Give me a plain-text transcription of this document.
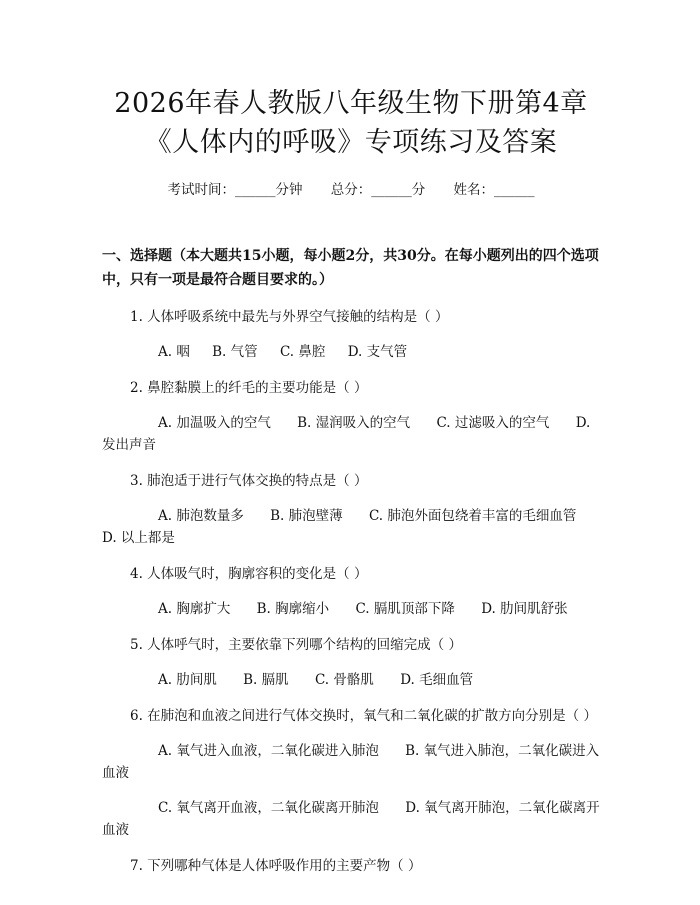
2026年春人教版八年级生物下册第4章《人体内的呼吸》专项练习及答案
考试时间：______分钟 总分：______分 姓名：______
一、选择题（本大题共15小题，每小题2分，共30分。在每小题列出的四个选项中，只有一项是最符合题目要求的。）
1. 人体呼吸系统中最先与外界空气接触的结构是（ ）
A. 咽 B. 气管 C. 鼻腔 D. 支气管
2. 鼻腔黏膜上的纤毛的主要功能是（ ）
A. 加温吸入的空气 B. 湿润吸入的空气 C. 过滤吸入的空气 D. 发出声音
3. 肺泡适于进行气体交换的特点是（ ）
A. 肺泡数量多 B. 肺泡壁薄 C. 肺泡外面包绕着丰富的毛细血管 D. 以上都是
4. 人体吸气时，胸廓容积的变化是（ ）
A. 胸廓扩大 B. 胸廓缩小 C. 膈肌顶部下降 D. 肋间肌舒张
5. 人体呼气时，主要依靠下列哪个结构的回缩完成（ ）
A. 肋间肌 B. 膈肌 C. 骨骼肌 D. 毛细血管
6. 在肺泡和血液之间进行气体交换时，氧气和二氧化碳的扩散方向分别是（ ）
A. 氧气进入血液，二氧化碳进入肺泡 B. 氧气进入肺泡，二氧化碳进入血液
C. 氧气离开血液，二氧化碳离开肺泡 D. 氧气离开肺泡，二氧化碳离开血液
7. 下列哪种气体是人体呼吸作用的主要产物（ ）
